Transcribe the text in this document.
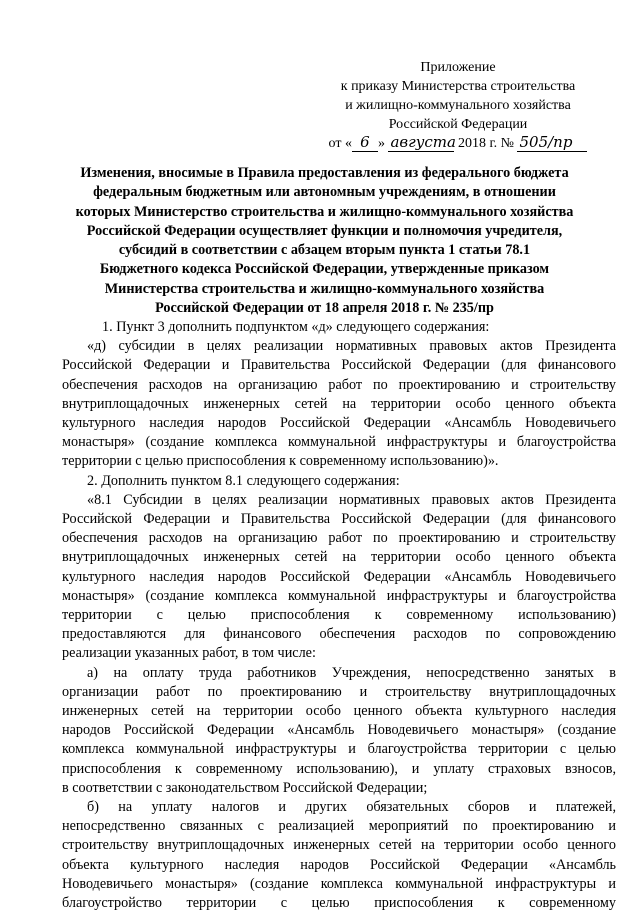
Приложение
к приказу Министерства строительства
и жилищно-коммунального хозяйства
Российской Федерации
от « 6 » августа 2018 г. № 505/пр
Изменения, вносимые в Правила предоставления из федерального бюджета
федеральным бюджетным или автономным учреждениям, в отношении
которых Министерство строительства и жилищно-коммунального хозяйства
Российской Федерации осуществляет функции и полномочия учредителя,
субсидий в соответствии с абзацем вторым пункта 1 статьи 78.1
Бюджетного кодекса Российской Федерации, утвержденные приказом
Министерства строительства и жилищно-коммунального хозяйства
Российской Федерации от 18 апреля 2018 г. № 235/пр
1. Пункт 3 дополнить подпунктом «д» следующего содержания:
«д) субсидии в целях реализации нормативных правовых актов Президента
Российской Федерации и Правительства Российской Федерации (для финансового
обеспечения расходов на организацию работ по проектированию и строительству
внутриплощадочных инженерных сетей на территории особо ценного объекта
культурного наследия народов Российской Федерации «Ансамбль Новодевичьего
монастыря» (создание комплекса коммунальной инфраструктуры и благоустройства
территории с целью приспособления к современному использованию)».
2. Дополнить пунктом 8.1 следующего содержания:
«8.1 Субсидии в целях реализации нормативных правовых актов Президента
Российской Федерации и Правительства Российской Федерации (для финансового
обеспечения расходов на организацию работ по проектированию и строительству
внутриплощадочных инженерных сетей на территории особо ценного объекта
культурного наследия народов Российской Федерации «Ансамбль Новодевичьего
монастыря» (создание комплекса коммунальной инфраструктуры и благоустройства
территории с целью приспособления к современному использованию)
предоставляются для финансового обеспечения расходов по сопровождению
реализации указанных работ, в том числе:
а) на оплату труда работников Учреждения, непосредственно занятых в
организации работ по проектированию и строительству внутриплощадочных
инженерных сетей на территории особо ценного объекта культурного наследия
народов Российской Федерации «Ансамбль Новодевичьего монастыря» (создание
комплекса коммунальной инфраструктуры и благоустройства территории с целью
приспособления к современному использованию), и уплату страховых взносов,
в соответствии с законодательством Российской Федерации;
б) на уплату налогов и других обязательных сборов и платежей,
непосредственно связанных с реализацией мероприятий по проектированию и
строительству внутриплощадочных инженерных сетей на территории особо ценного
объекта культурного наследия народов Российской Федерации «Ансамбль
Новодевичьего монастыря» (создание комплекса коммунальной инфраструктуры и
благоустройство территории с целью приспособления к современному
